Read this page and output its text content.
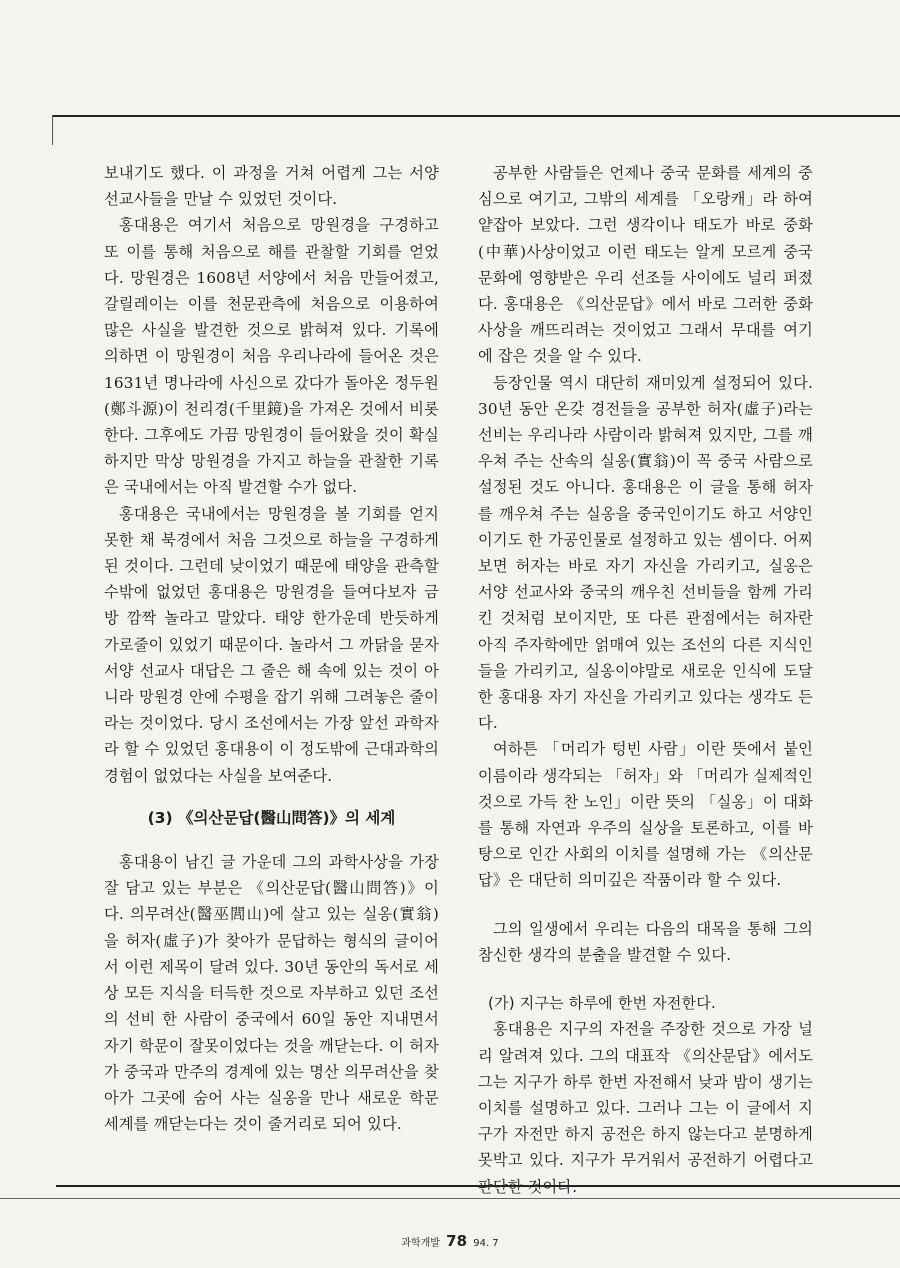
보내기도 했다. 이 과정을 거쳐 어렵게 그는 서양 선교사들을 만날 수 있었던 것이다.

홍대용은 여기서 처음으로 망원경을 구경하고 또 이를 통해 처음으로 해를 관찰할 기회를 얻었다. 망원경은 1608년 서양에서 처음 만들어졌고, 갈릴레이는 이를 천문관측에 처음으로 이용하여 많은 사실을 발견한 것으로 밝혀져 있다. 기록에 의하면 이 망원경이 처음 우리나라에 들어온 것은 1631년 명나라에 사신으로 갔다가 돌아온 정두원(鄭斗源)이 천리경(千里鏡)을 가져온 것에서 비롯한다. 그후에도 가끔 망원경이 들어왔을 것이 확실하지만 막상 망원경을 가지고 하늘을 관찰한 기록은 국내에서는 아직 발견할 수가 없다.

홍대용은 국내에서는 망원경을 볼 기회를 얻지 못한 채 북경에서 처음 그것으로 하늘을 구경하게 된 것이다. 그런데 낮이었기 때문에 태양을 관측할 수밖에 없었던 홍대용은 망원경을 들여다보자 금방 깜짝 놀라고 말았다. 태양 한가운데 반듯하게 가로줄이 있었기 때문이다. 놀라서 그 까닭을 묻자 서양 선교사 대답은 그 줄은 해 속에 있는 것이 아니라 망원경 안에 수평을 잡기 위해 그려놓은 줄이라는 것이었다. 당시 조선에서는 가장 앞선 과학자라 할 수 있었던 홍대용이 이 정도밖에 근대과학의 경험이 없었다는 사실을 보여준다.

(3) 《의산문답(醫山問答)》의 세계

홍대용이 남긴 글 가운데 그의 과학사상을 가장 잘 담고 있는 부분은 《의산문답(醫山問答)》이다. 의무려산(醫巫閭山)에 살고 있는 실옹(實翁)을 허자(虛子)가 찾아가 문답하는 형식의 글이어서 이런 제목이 달려 있다. 30년 동안의 독서로 세상 모든 지식을 터득한 것으로 자부하고 있던 조선의 선비 한 사람이 중국에서 60일 동안 지내면서 자기 학문이 잘못이었다는 것을 깨닫는다. 이 허자가 중국과 만주의 경계에 있는 명산 의무려산을 찾아가 그곳에 숨어 사는 실옹을 만나 새로운 학문 세계를 깨닫는다는 것이 줄거리로 되어 있다.

공부한 사람들은 언제나 중국 문화를 세계의 중심으로 여기고, 그밖의 세계를 「오랑캐」라 하여 얕잡아 보았다. 그런 생각이나 태도가 바로 중화(中華)사상이었고 이런 태도는 알게 모르게 중국 문화에 영향받은 우리 선조들 사이에도 널리 퍼졌다. 홍대용은 《의산문답》에서 바로 그러한 중화사상을 깨뜨리려는 것이었고 그래서 무대를 여기에 잡은 것을 알 수 있다.

등장인물 역시 대단히 재미있게 설정되어 있다. 30년 동안 온갖 경전들을 공부한 허자(虛子)라는 선비는 우리나라 사람이라 밝혀져 있지만, 그를 깨우쳐 주는 산속의 실옹(實翁)이 꼭 중국 사람으로 설정된 것도 아니다. 홍대용은 이 글을 통해 허자를 깨우쳐 주는 실옹을 중국인이기도 하고 서양인이기도 한 가공인물로 설정하고 있는 셈이다. 어찌 보면 허자는 바로 자기 자신을 가리키고, 실옹은 서양 선교사와 중국의 깨우친 선비들을 함께 가리킨 것처럼 보이지만, 또 다른 관점에서는 허자란 아직 주자학에만 얽매여 있는 조선의 다른 지식인들을 가리키고, 실옹이야말로 새로운 인식에 도달한 홍대용 자기 자신을 가리키고 있다는 생각도 든다.

여하튼 「머리가 텅빈 사람」이란 뜻에서 붙인 이름이라 생각되는 「허자」와 「머리가 실제적인 것으로 가득 찬 노인」이란 뜻의 「실옹」이 대화를 통해 자연과 우주의 실상을 토론하고, 이를 바탕으로 인간 사회의 이치를 설명해 가는 《의산문답》은 대단히 의미깊은 작품이라 할 수 있다.

그의 일생에서 우리는 다음의 대목을 통해 그의 참신한 생각의 분출을 발견할 수 있다.

(가) 지구는 하루에 한번 자전한다.

홍대용은 지구의 자전을 주장한 것으로 가장 널리 알려져 있다. 그의 대표작 《의산문답》에서도 그는 지구가 하루 한번 자전해서 낮과 밤이 생기는 이치를 설명하고 있다. 그러나 그는 이 글에서 지구가 자전만 하지 공전은 하지 않는다고 분명하게 못박고 있다. 지구가 무거워서 공전하기 어렵다고

과학개발 78 94. 7
